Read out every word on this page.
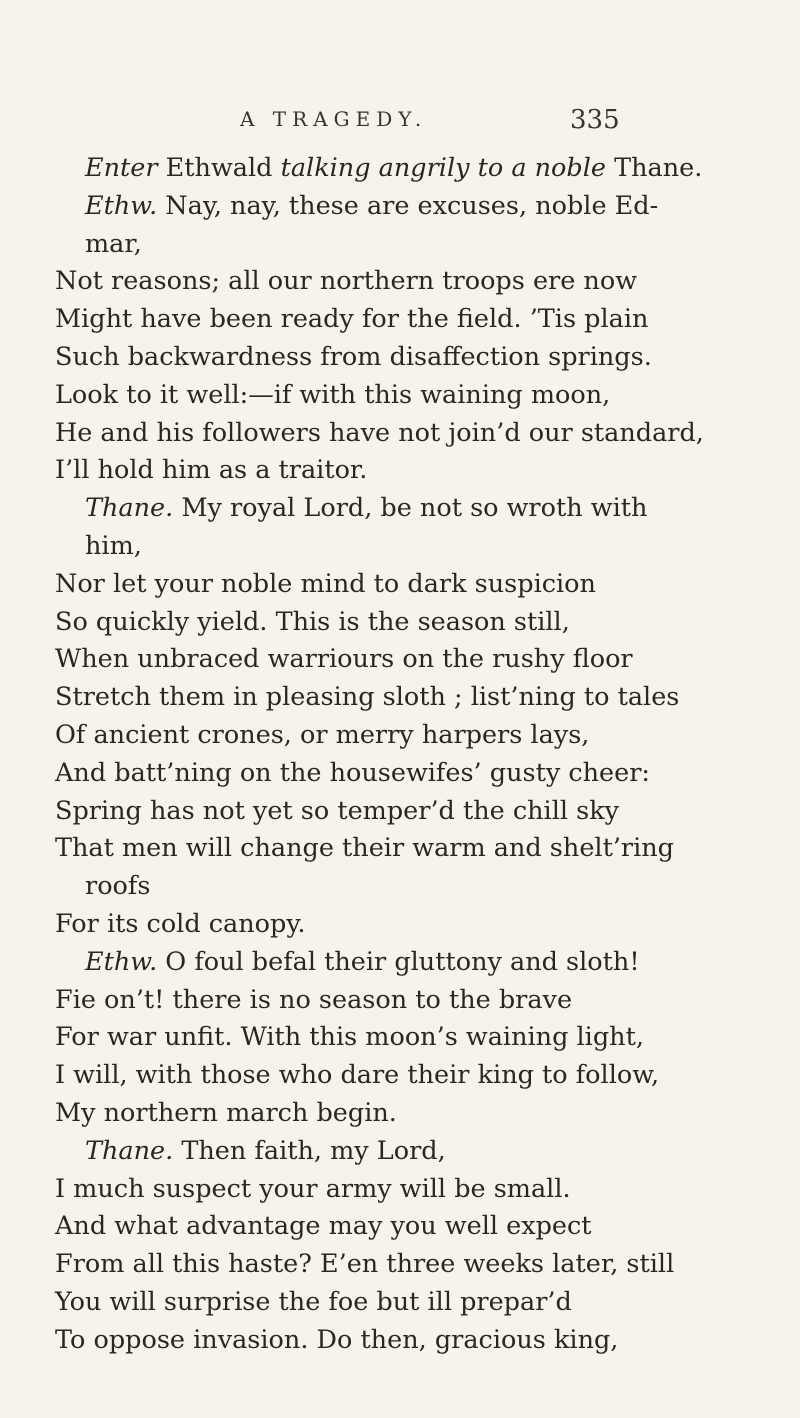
A TRAGEDY.	335
Enter Ethwald talking angrily to a noble Thane.
Ethw. Nay, nay, these are excuses, noble Ed-
mar,
Not reasons; all our northern troops ere now
Might have been ready for the field. ’Tis plain
Such backwardness from disaffection springs.
Look to it well:—if with this waining moon,
He and his followers have not join’d our standard,
I’ll hold him as a traitor.
Thane. My royal Lord, be not so wroth with
him,
Nor let your noble mind to dark suspicion
So quickly yield. This is the season still,
When unbraced warriours on the rushy floor
Stretch them in pleasing sloth ; list’ning to tales
Of ancient crones, or merry harpers lays,
And batt’ning on the housewifes’ gusty cheer:
Spring has not yet so temper’d the chill sky
That men will change their warm and shelt’ring
roofs
For its cold canopy.
Ethw. O foul befal their gluttony and sloth!
Fie on’t! there is no season to the brave
For war unfit. With this moon’s waining light,
I will, with those who dare their king to follow,
My northern march begin.
Thane. Then faith, my Lord,
I much suspect your army will be small.
And what advantage may you well expect
From all this haste? E’en three weeks later, still
You will surprise the foe but ill prepar’d
To oppose invasion. Do then, gracious king,
